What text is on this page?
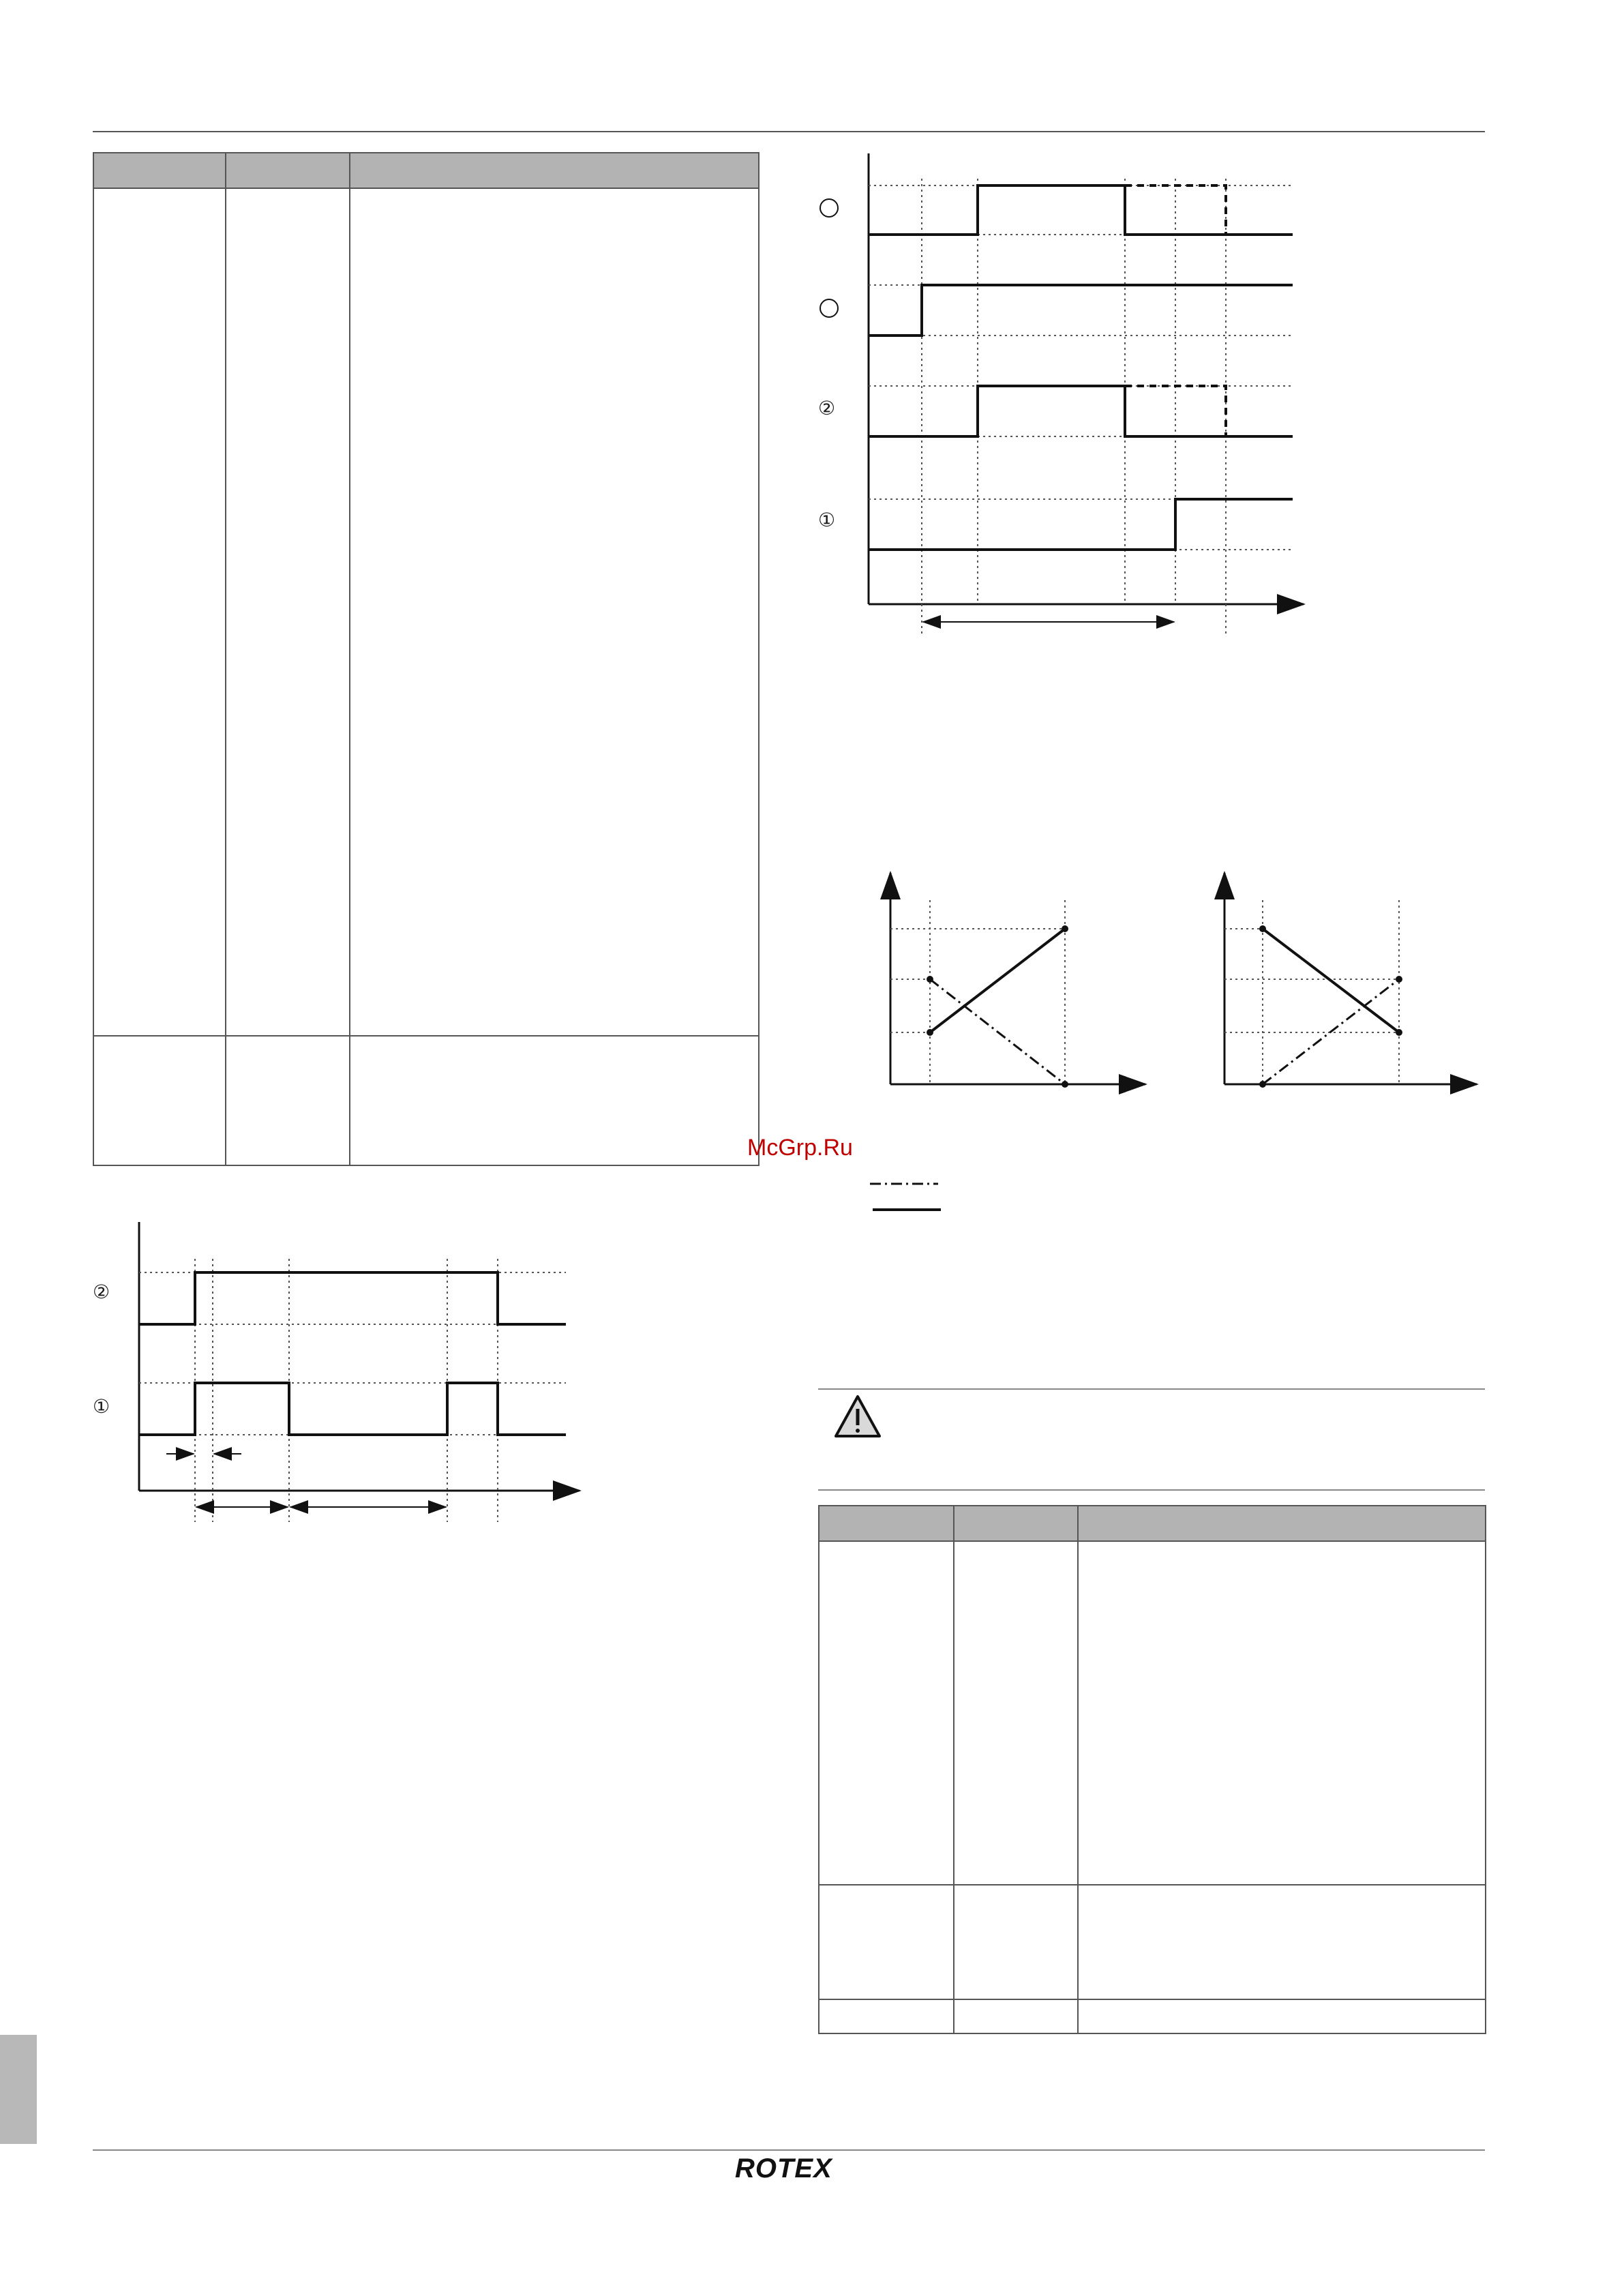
②
①
McGrp.Ru
②
①

ROTEX
